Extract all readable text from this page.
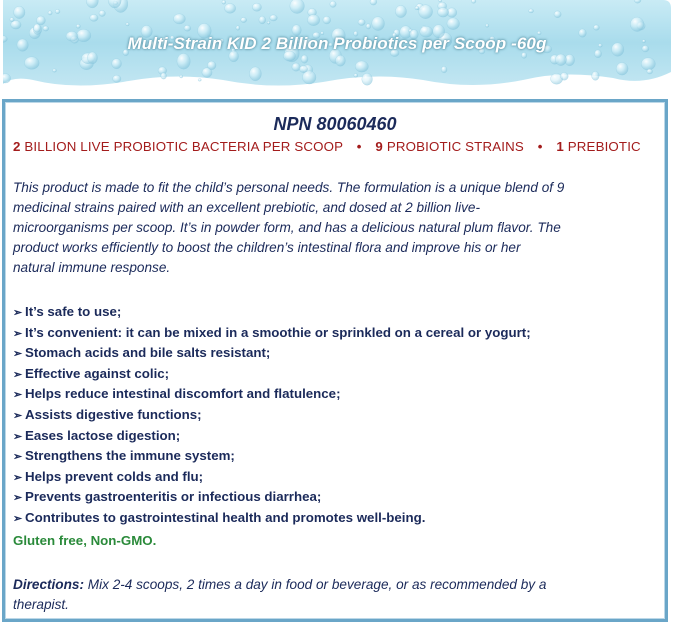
Multi-Strain KID 2 Billion Probiotics per Scoop -60g
NPN 80060460
2 BILLION LIVE PROBIOTIC BACTERIA PER SCOOP • 9 PROBIOTIC STRAINS • 1 PREBIOTIC
This product is made to fit the child’s personal needs. The formulation is a unique blend of 9
medicinal strains paired with an excellent prebiotic, and dosed at 2 billion live-
microorganisms per scoop. It’s in powder form, and has a delicious natural plum flavor. The
product works efficiently to boost the children’s intestinal flora and improve his or her
natural immune response.
➢ It’s safe to use;
➢ It’s convenient: it can be mixed in a smoothie or sprinkled on a cereal or yogurt;
➢ Stomach acids and bile salts resistant;
➢ Effective against colic;
➢ Helps reduce intestinal discomfort and flatulence;
➢ Assists digestive functions;
➢ Eases lactose digestion;
➢ Strengthens the immune system;
➢ Helps prevent colds and flu;
➢ Prevents gastroenteritis or infectious diarrhea;
➢ Contributes to gastrointestinal health and promotes well-being.
Gluten free, Non-GMO.
Directions: Mix 2-4 scoops, 2 times a day in food or beverage, or as recommended by a
therapist.
